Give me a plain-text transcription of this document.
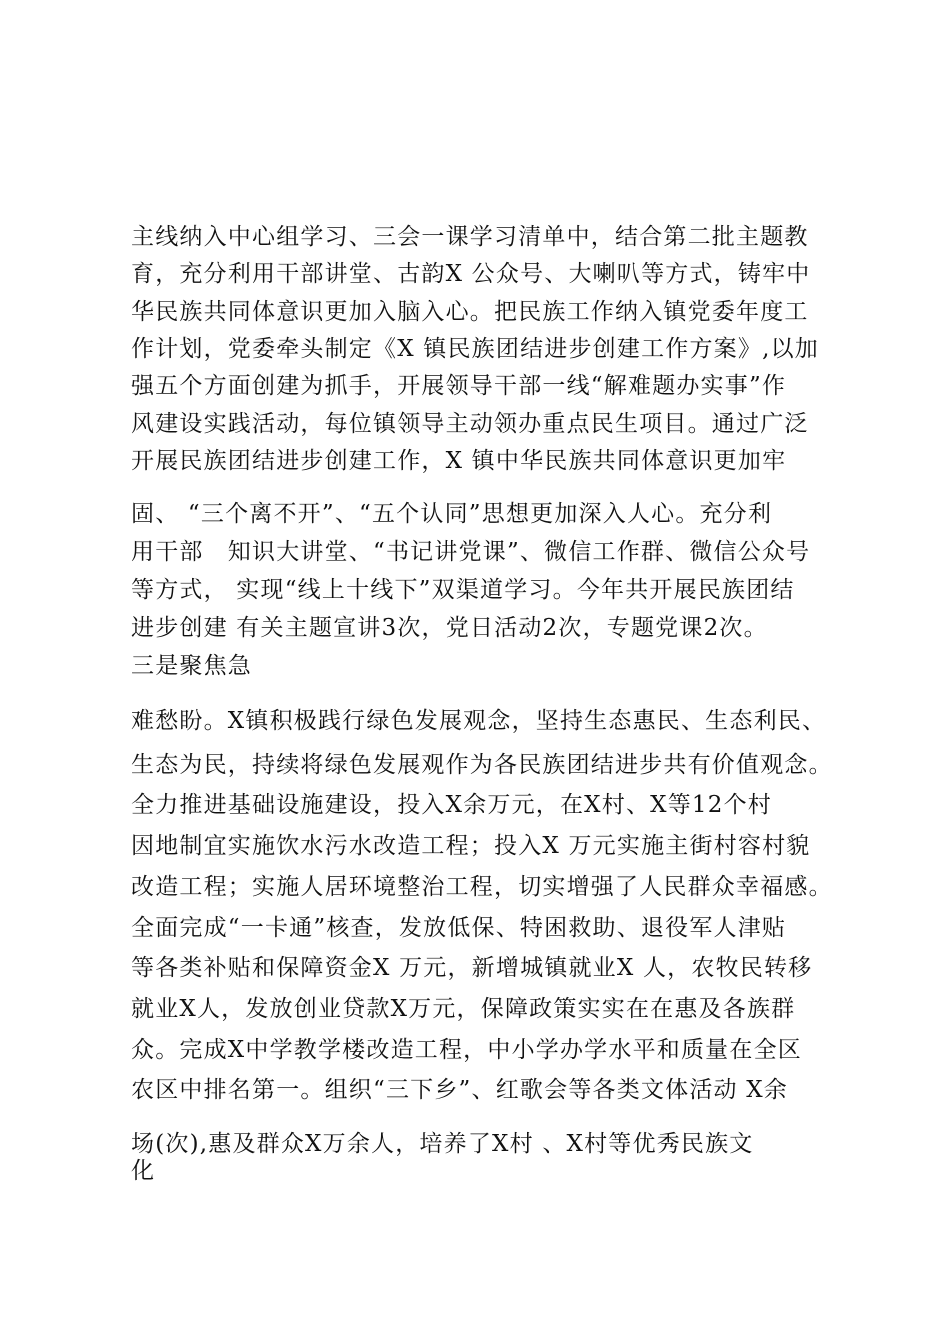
主线纳入中心组学习、三会一课学习清单中，结合第二批主题教
育，充分利用干部讲堂、古韵X 公众号、大喇叭等方式，铸牢中
华民族共同体意识更加入脑入心。把民族工作纳入镇党委年度工
作计划，党委牵头制定《X 镇民族团结进步创建工作方案》,以加
强五个方面创建为抓手，开展领导干部一线“解难题办实事”作
风建设实践活动，每位镇领导主动领办重点民生项目。通过广泛
开展民族团结进步创建工作，X 镇中华民族共同体意识更加牢
固、 “三个离不开”、“五个认同”思想更加深入人心。充分利
用干部　知识大讲堂、“书记讲党课”、微信工作群、微信公众号
等方式， 实现“线上十线下”双渠道学习。今年共开展民族团结
进步创建 有关主题宣讲3次，党日活动2次，专题党课2次。
三是聚焦急
难愁盼。X镇积极践行绿色发展观念，坚持生态惠民、生态利民、
生态为民，持续将绿色发展观作为各民族团结进步共有价值观念。
全力推进基础设施建设，投入X余万元，在X村、X等12个村
因地制宜实施饮水污水改造工程；投入X 万元实施主街村容村貌
改造工程；实施人居环境整治工程，切实增强了人民群众幸福感。
全面完成“一卡通”核查，发放低保、特困救助、退役军人津贴
等各类补贴和保障资金X 万元，新增城镇就业X 人，农牧民转移
就业X人，发放创业贷款X万元，保障政策实实在在惠及各族群
众。完成X中学教学楼改造工程，中小学办学水平和质量在全区
农区中排名第一。组织“三下乡”、红歌会等各类文体活动 X余
场(次),惠及群众X万余人，培养了X村 、X村等优秀民族文
化
